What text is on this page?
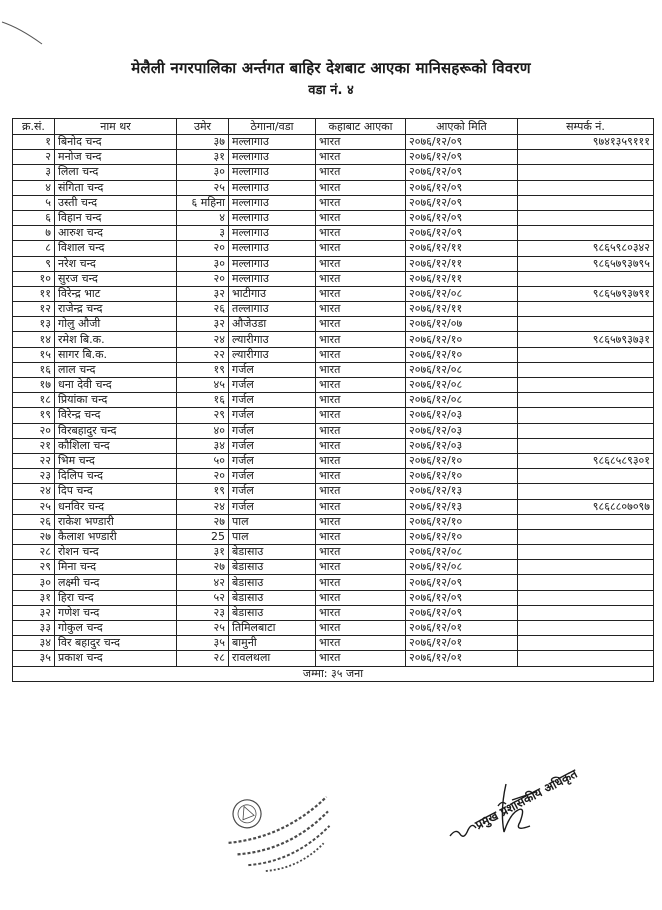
मेलैली नगरपालिका अर्न्तगत बाहिर देशबाट आएका मानिसहरूको विवरण
वडा नं. ४
क्र.सं.	नाम थर	उमेर	ठेगाना/वडा	कहाबाट आएका	आएको मिति	सम्पर्क नं.
१	बिनोद चन्द	३७	मल्लागाउ	भारत	२०७६/१२/०९	९७४१३५९१११
२	मनोज चन्द	३१	मल्लागाउ	भारत	२०७६/१२/०९	
३	लिला चन्द	३०	मल्लागाउ	भारत	२०७६/१२/०९	
४	संगिता चन्द	२५	मल्लागाउ	भारत	२०७६/१२/०९	
५	उस्ती चन्द	६ महिना	मल्लागाउ	भारत	२०७६/१२/०९	
६	विहान चन्द	४	मल्लागाउ	भारत	२०७६/१२/०९	
७	आरुश चन्द	३	मल्लागाउ	भारत	२०७६/१२/०९	
८	विशाल चन्द	२०	मल्लागाउ	भारत	२०७६/१२/११	९८६५९८०३४२
९	नरेश चन्द	३०	मल्लागाउ	भारत	२०७६/१२/११	९८६५७९३७९५
१०	सुरज चन्द	२०	मल्लागाउ	भारत	२०७६/१२/११	
११	विरेन्द्र भाट	३२	भाटीगाउ	भारत	२०७६/१२/०८	९८६५७९३७९१
१२	राजेन्द्र चन्द	२६	तल्लागाउ	भारत	२०७६/१२/११	
१३	गोलु औजी	३२	औजेउडा	भारत	२०७६/१२/०७	
१४	रमेश बि.क.	२४	ल्यारीगाउ	भारत	२०७६/१२/१०	९८६५७९३७३१
१५	सागर बि.क.	२२	ल्यारीगाउ	भारत	२०७६/१२/१०	
१६	लाल चन्द	१९	गर्जल	भारत	२०७६/१२/०८	
१७	धना देवी चन्द	४५	गर्जल	भारत	२०७६/१२/०८	
१८	प्रियांका चन्द	१६	गर्जल	भारत	२०७६/१२/०८	
१९	विरेन्द्र चन्द	२९	गर्जल	भारत	२०७६/१२/०३	
२०	विरबहादुर चन्द	४०	गर्जल	भारत	२०७६/१२/०३	
२१	कौशिला चन्द	३४	गर्जल	भारत	२०७६/१२/०३	
२२	भिम चन्द	५०	गर्जल	भारत	२०७६/१२/१०	९८६८५८९३०१
२३	दिलिप चन्द	२०	गर्जल	भारत	२०७६/१२/१०	
२४	दिप चन्द	१९	गर्जल	भारत	२०७६/१२/१३	
२५	धनविर चन्द	२४	गर्जल	भारत	२०७६/१२/१३	९८६८८०७०९७
२६	राकेश भण्डारी	२७	पाल	भारत	२०७६/१२/१०	
२७	कैलाश भण्डारी	25	पाल	भारत	२०७६/१२/१०	
२८	रोशन चन्द	३१	बेडासाउ	भारत	२०७६/१२/०८	
२९	मिना चन्द	२७	बेडासाउ	भारत	२०७६/१२/०८	
३०	लक्ष्मी चन्द	४२	बेडासाउ	भारत	२०७६/१२/०९	
३१	हिरा चन्द	५२	बेडासाउ	भारत	२०७६/१२/०९	
३२	गणेश चन्द	२३	बेडासाउ	भारत	२०७६/१२/०९	
३३	गोकुल चन्द	२५	तिमिलबाटा	भारत	२०७६/१२/०१	
३४	विर बहादुर चन्द	३५	बामुनी	भारत	२०७६/१२/०१	
३५	प्रकाश चन्द	२८	रावलथला	भारत	२०७६/१२/०१	
जम्मा: ३५ जना						
प्रमुख प्रशासकीय अधिकृत
